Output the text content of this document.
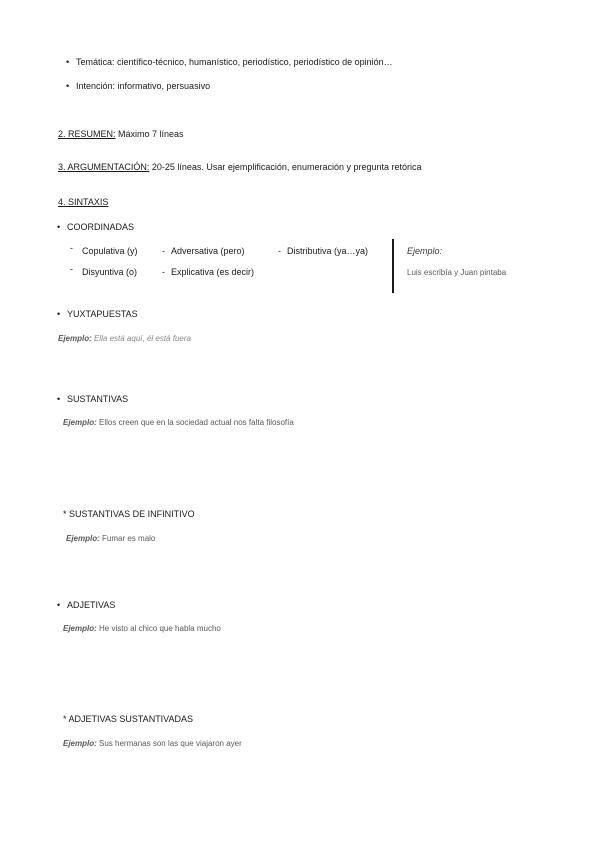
• Temática: científico-técnico, humanístico, periodístico, periodístico de opinión…
• Intención: informativo, persuasivo
2. RESUMEN: Máximo 7 líneas
3. ARGUMENTACIÓN: 20-25 líneas. Usar ejemplificación, enumeración y pregunta retórica
4. SINTAXIS
• COORDINADAS
- Copulativa (y)	- Adversativa (pero)	- Distributiva (ya…ya)
- Disyuntiva (o)	- Explicativa (es decir)
Ejemplo:
Luis escribía y Juan pintaba
• YUXTAPUESTAS
Ejemplo: Ella está aquí, él está fuera
• SUSTANTIVAS
Ejemplo: Ellos creen que en la sociedad actual nos falta filosofía
* SUSTANTIVAS DE INFINITIVO
Ejemplo: Fumar es malo
• ADJETIVAS
Ejemplo: He visto al chico que habla mucho
* ADJETIVAS SUSTANTIVADAS
Ejemplo: Sus hermanas son las que viajaron ayer
